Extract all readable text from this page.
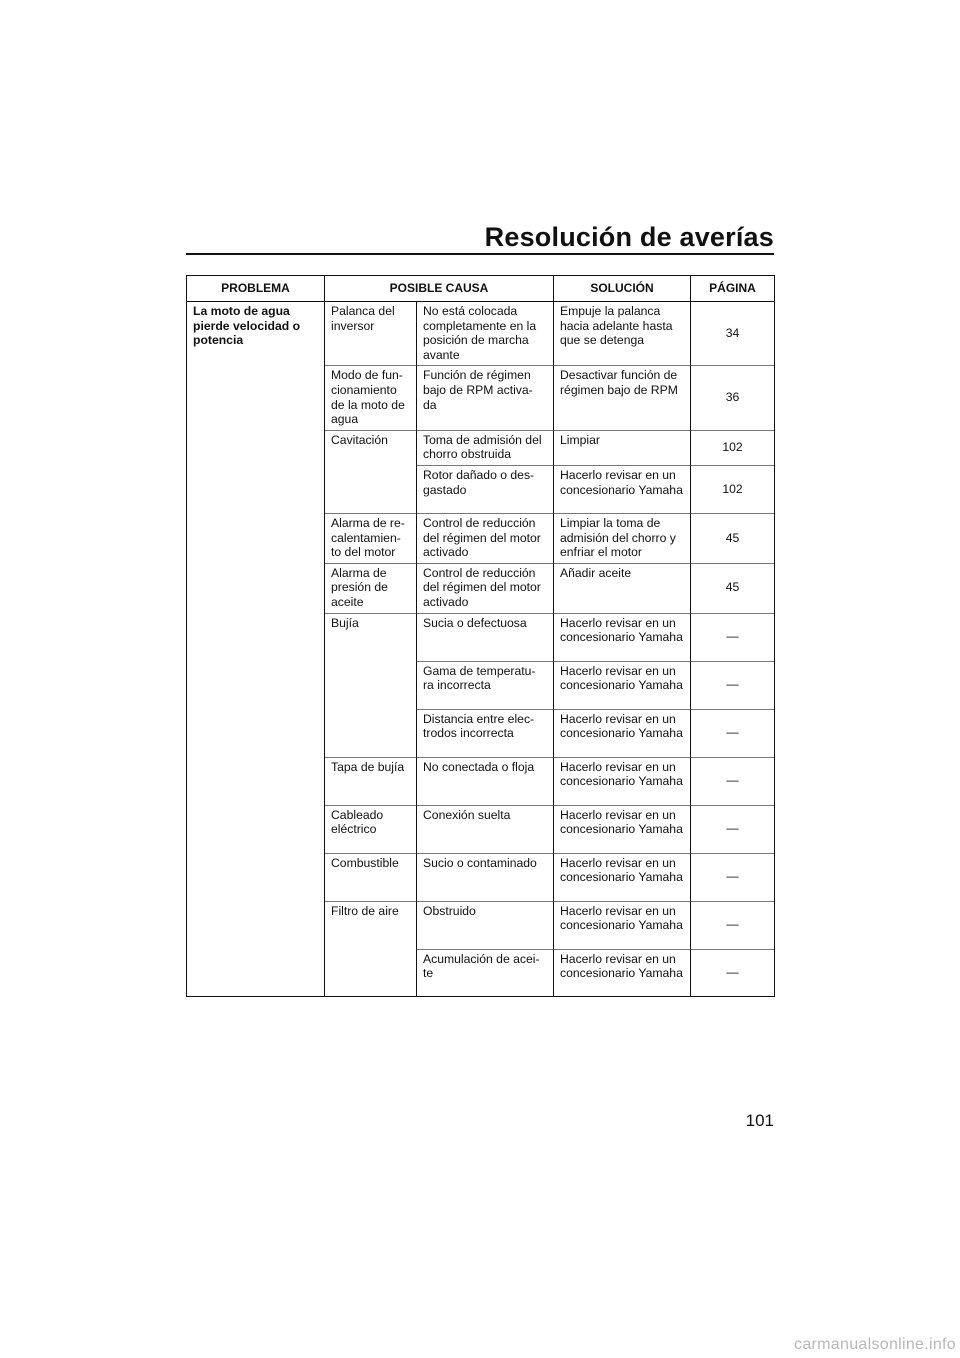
Resolución de averías
PROBLEMA	POSIBLE CAUSA		SOLUCIÓN	PÁGINA
La moto de agua pierde velocidad o potencia	Palanca del inversor	No está colocada completamente en la posición de marcha avante	Empuje la palanca hacia adelante hasta que se detenga	34
	Modo de fun- cionamiento de la moto de agua	Función de régimen bajo de RPM activa- da	Desactivar función de régimen bajo de RPM	36
	Cavitación	Toma de admisión del chorro obstruida	Limpiar	102
		Rotor dañado o des- gastado	Hacerlo revisar en un concesionario Yamaha	102
	Alarma de re- calentamien- to del motor	Control de reducción del régimen del motor activado	Limpiar la toma de admisión del chorro y enfriar el motor	45
	Alarma de presión de aceite	Control de reducción del régimen del motor activado	Añadir aceite	45
	Bujía	Sucia o defectuosa	Hacerlo revisar en un concesionario Yamaha	—
		Gama de temperatu- ra incorrecta	Hacerlo revisar en un concesionario Yamaha	—
		Distancia entre elec- trodos incorrecta	Hacerlo revisar en un concesionario Yamaha	—
	Tapa de bujía	No conectada o floja	Hacerlo revisar en un concesionario Yamaha	—
	Cableado eléctrico	Conexión suelta	Hacerlo revisar en un concesionario Yamaha	—
	Combustible	Sucio o contaminado	Hacerlo revisar en un concesionario Yamaha	—
	Filtro de aire	Obstruido	Hacerlo revisar en un concesionario Yamaha	—
		Acumulación de acei- te	Hacerlo revisar en un concesionario Yamaha	—
101
carmanualsonline.info
